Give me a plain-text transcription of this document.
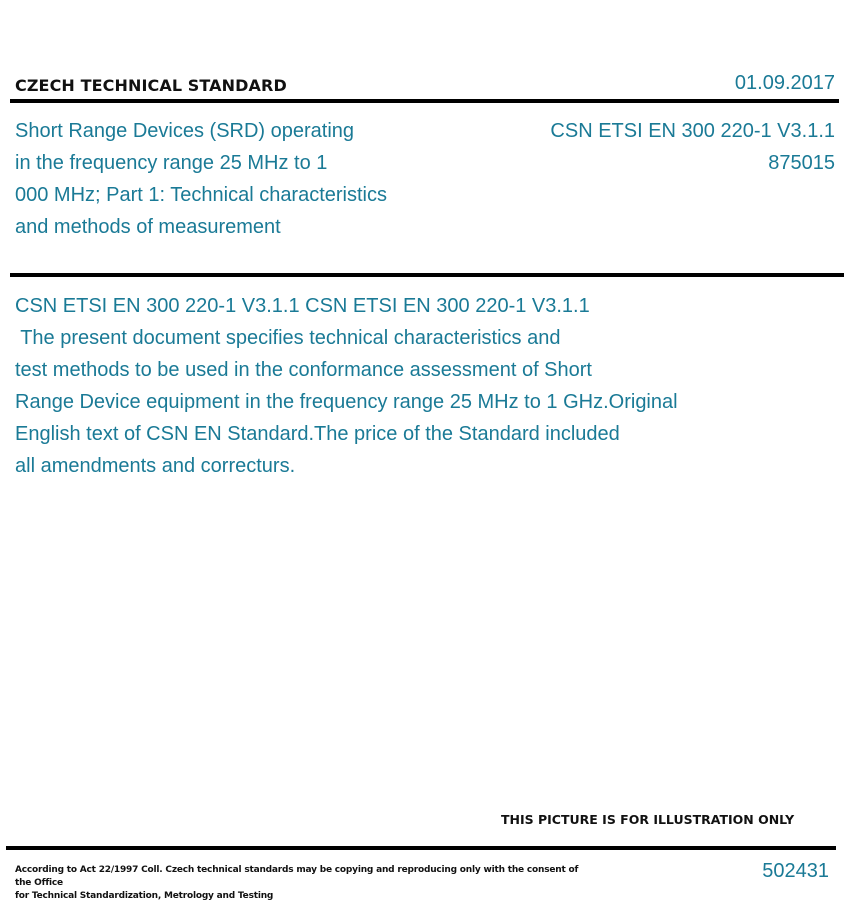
CZECH TECHNICAL STANDARD	01.09.2017
Short Range Devices (SRD) operating
in the frequency range 25 MHz to 1
000 MHz; Part 1: Technical characteristics
and methods of measurement
CSN ETSI EN 300 220-1 V3.1.1
875015
CSN ETSI EN 300 220-1 V3.1.1 CSN ETSI EN 300 220-1 V3.1.1
The present document specifies technical characteristics and
test methods to be used in the conformance assessment of Short
Range Device equipment in the frequency range 25 MHz to 1 GHz.Original
English text of CSN EN Standard.The price of the Standard included
all amendments and correcturs.
THIS PICTURE IS FOR ILLUSTRATION ONLY
According to Act 22/1997 Coll. Czech technical standards may be copying and reproducing only with the consent of the Office
for Technical Standardization, Metrology and Testing
502431
